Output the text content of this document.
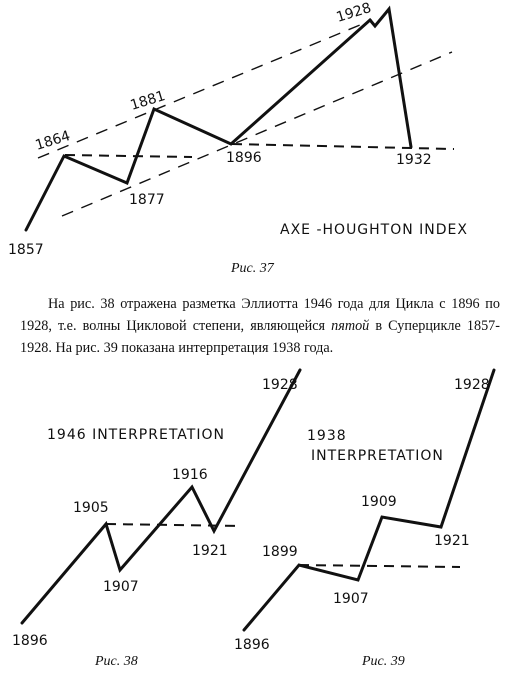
1857
1864
1877
1881
1896
1928
1932
AXE -HOUGHTON INDEX
Рис. 37
На рис. 38 отражена разметка Эллиотта 1946 года для Цикла с 1896 по 1928, т.е. волны Цикловой степени, являющейся пятой в Суперцикле 1857-1928. На рис. 39 показана интерпретация 1938 года.
1946 INTERPRETATION
1896
1905
1907
1916
1921
1928
1938
INTERPRETATION
1896
1899
1907
1909
1921
1928
Рис. 38	Рис. 39
